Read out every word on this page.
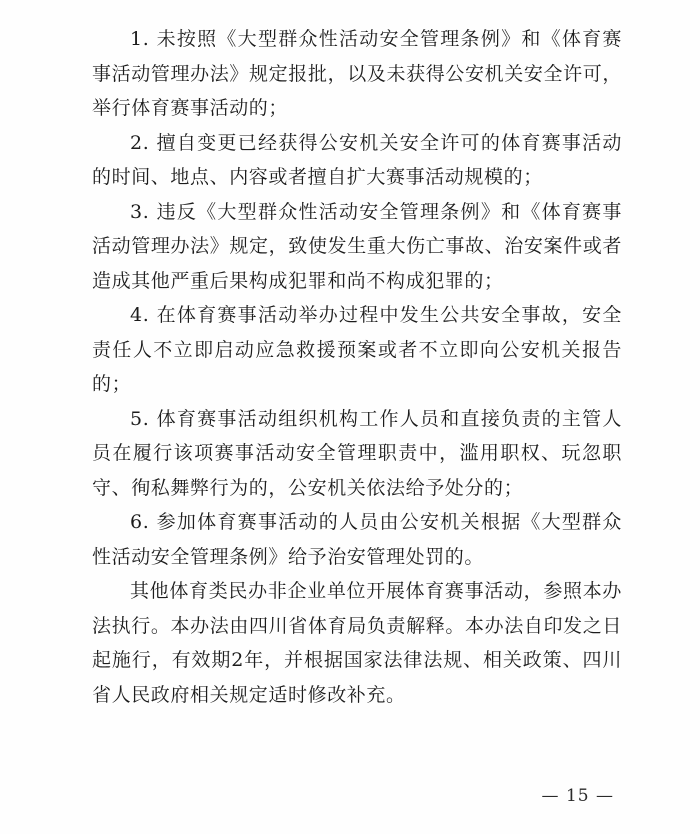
1. 未按照《大型群众性活动安全管理条例》和《体育赛事活动管理办法》规定报批，以及未获得公安机关安全许可，举行体育赛事活动的；

2. 擅自变更已经获得公安机关安全许可的体育赛事活动的时间、地点、内容或者擅自扩大赛事活动规模的；

3. 违反《大型群众性活动安全管理条例》和《体育赛事活动管理办法》规定，致使发生重大伤亡事故、治安案件或者造成其他严重后果构成犯罪和尚不构成犯罪的；

4. 在体育赛事活动举办过程中发生公共安全事故，安全责任人不立即启动应急救援预案或者不立即向公安机关报告的；

5. 体育赛事活动组织机构工作人员和直接负责的主管人员在履行该项赛事活动安全管理职责中，滥用职权、玩忽职守、徇私舞弊行为的，公安机关依法给予处分的；

6. 参加体育赛事活动的人员由公安机关根据《大型群众性活动安全管理条例》给予治安管理处罚的。

其他体育类民办非企业单位开展体育赛事活动，参照本办法执行。本办法由四川省体育局负责解释。本办法自印发之日起施行，有效期2年，并根据国家法律法规、相关政策、四川省人民政府相关规定适时修改补充。

— 15 —
